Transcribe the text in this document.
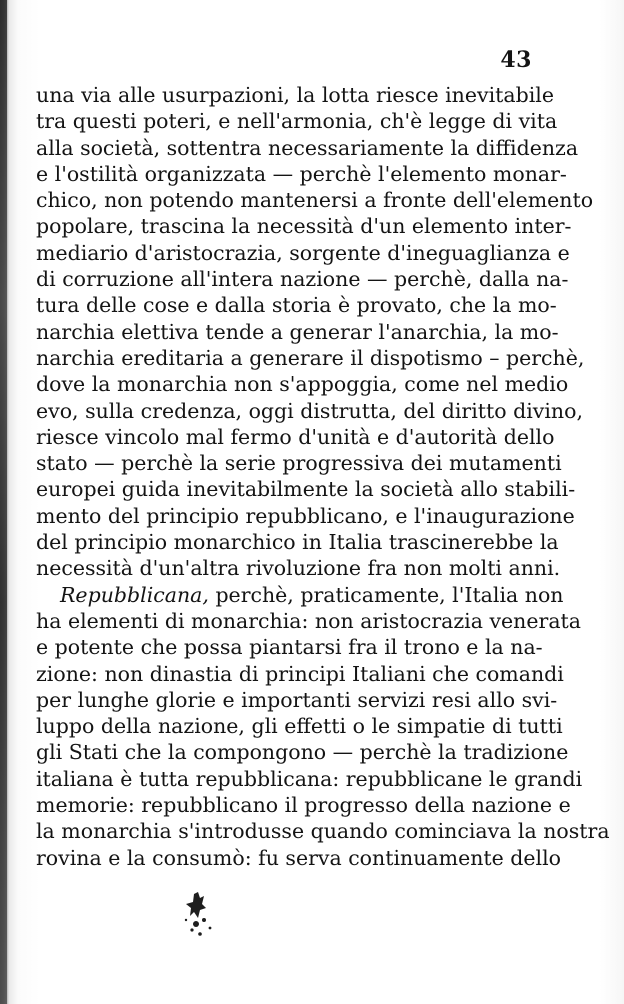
43
una via alle usurpazioni, la lotta riesce inevitabile
tra questi poteri, e nell'armonia, ch'è legge di vita
alla società, sottentra necessariamente la diffidenza
e l'ostilità organizzata — perchè l'elemento monar-
chico, non potendo mantenersi a fronte dell'elemento
popolare, trascina la necessità d'un elemento inter-
mediario d'aristocrazia, sorgente d'ineguaglianza e
di corruzione all'intera nazione — perchè, dalla na-
tura delle cose e dalla storia è provato, che la mo-
narchia elettiva tende a generar l'anarchia, la mo-
narchia ereditaria a generare il dispotismo – perchè,
dove la monarchia non s'appoggia, come nel medio
evo, sulla credenza, oggi distrutta, del diritto divino,
riesce vincolo mal fermo d'unità e d'autorità dello
stato — perchè la serie progressiva dei mutamenti
europei guida inevitabilmente la società allo stabili-
mento del principio repubblicano, e l'inaugurazione
del principio monarchico in Italia trascinerebbe la
necessità d'un'altra rivoluzione fra non molti anni.
Repubblicana, perchè, praticamente, l'Italia non
ha elementi di monarchia: non aristocrazia venerata
e potente che possa piantarsi fra il trono e la na-
zione: non dinastia di principi Italiani che comandi
per lunghe glorie e importanti servizi resi allo svi-
luppo della nazione, gli effetti o le simpatie di tutti
gli Stati che la compongono — perchè la tradizione
italiana è tutta repubblicana: repubblicane le grandi
memorie: repubblicano il progresso della nazione e
la monarchia s'introdusse quando cominciava la nostra
rovina e la consumò: fu serva continuamente dello
